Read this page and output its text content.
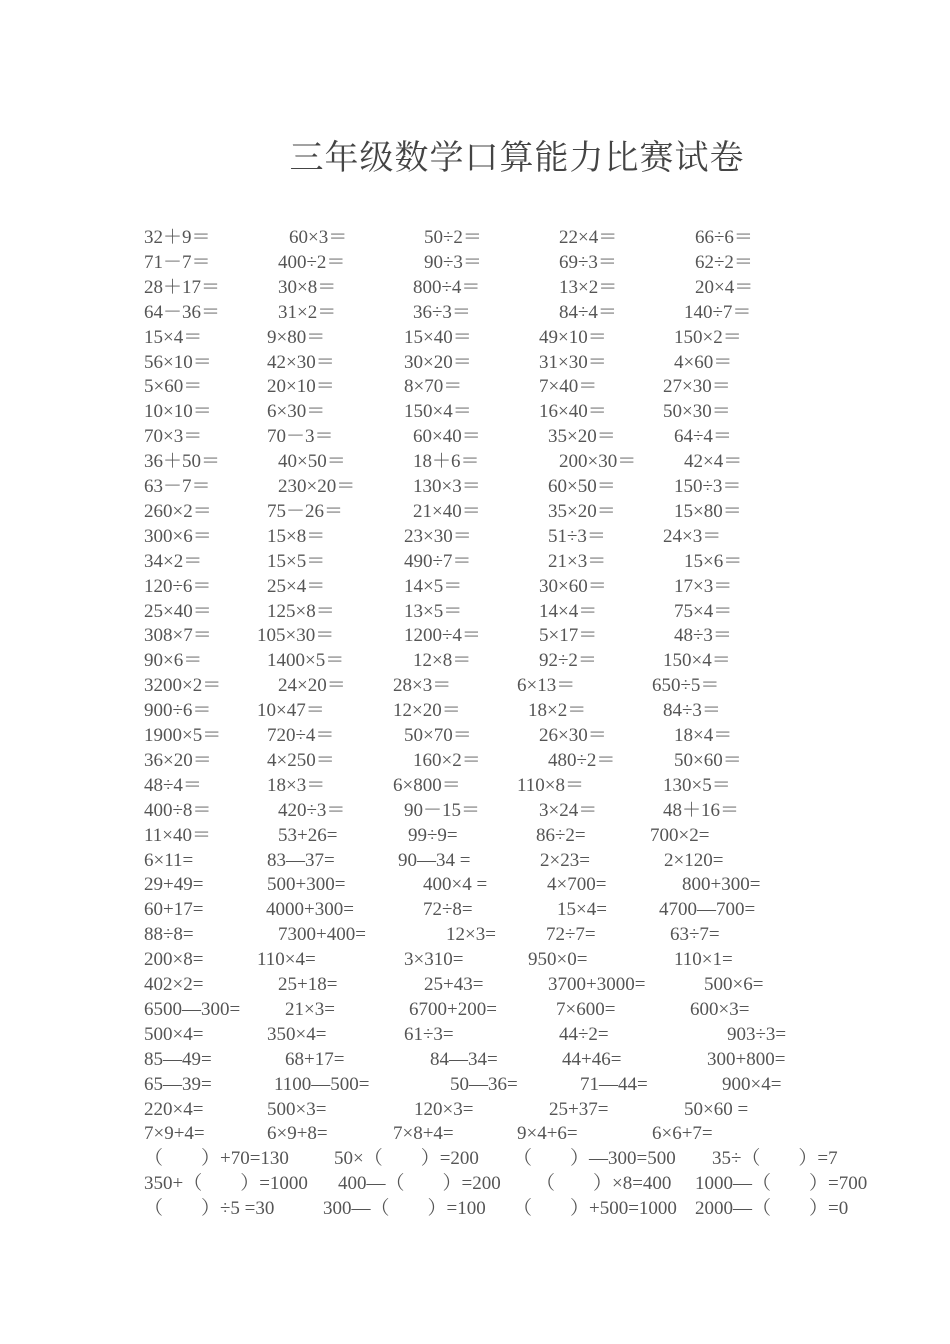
三年级数学口算能力比赛试卷
32＋9＝	60×3＝	50÷2＝	22×4＝	66÷6＝
71－7＝	400÷2＝	90÷3＝	69÷3＝	62÷2＝
28＋17＝	30×8＝	800÷4＝	13×2＝	20×4＝
64－36＝	31×2＝	36÷3＝	84÷4＝	140÷7＝
15×4＝	9×80＝	15×40＝	49×10＝	150×2＝
56×10＝	42×30＝	30×20＝	31×30＝	4×60＝
5×60＝	20×10＝	8×70＝	7×40＝	27×30＝
10×10＝	6×30＝	150×4＝	16×40＝	50×30＝
70×3＝	70－3＝	60×40＝	35×20＝	64÷4＝
36＋50＝	40×50＝	18＋6＝	200×30＝	42×4＝
63－7＝	230×20＝	130×3＝	60×50＝	150÷3＝
260×2＝	75－26＝	21×40＝	35×20＝	15×80＝
300×6＝	15×8＝	23×30＝	51÷3＝	24×3＝
34×2＝	15×5＝	490÷7＝	21×3＝	15×6＝
120÷6＝	25×4＝	14×5＝	30×60＝	17×3＝
25×40＝	125×8＝	13×5＝	14×4＝	75×4＝
308×7＝ 105×30＝	1200÷4＝	5×17＝	48÷3＝
90×6＝	1400×5＝	12×8＝	92÷2＝	150×4＝
3200×2＝	24×20＝ 28×3＝	6×13＝	650÷5＝
900÷6＝ 10×47＝	12×20＝	18×2＝	84÷3＝
1900×5＝ 720÷4＝	50×70＝	26×30＝	18×4＝
36×20＝	4×250＝	160×2＝	480÷2＝	50×60＝
48÷4＝	18×3＝	6×800＝	110×8＝	130×5＝
400÷8＝	420÷3＝	90－15＝	3×24＝	48＋16＝
11×40＝	53+26=	99÷9=	86÷2=	700×2=
6×11=	83—37=	90—34 =	2×23=	2×120=
29+49=	500+300=	400×4 =	4×700=	800+300=
60+17=	4000+300=	72÷8=	15×4=	4700—700=
88÷8=	7300+400=	12×3=	72÷7=	63÷7=
200×8=	110×4=	3×310=	950×0=	110×1=
402×2=	25+18=	25+43=	3700+3000=	500×6=
6500—300= 21×3=	6700+200=	7×600=	600×3=
500×4=	350×4=	61÷3=	44÷2=	903÷3=
85—49=	68+17=	84—34=	44+46=	300+800=
65—39=	1100—500=	50—36=	71—44=	900×4=
220×4=	500×3=	120×3=	25+37=	50×60 =
7×9+4=	6×9+8=	7×8+4=	9×4+6=	6×6+7=
（　　）+70=130 50×（　　）=200 （　　）—300=500 35÷（　　）=7
350+（　　）=1000 400—（　　）=200 （　　）×8=400 1000—（　　）=700
（　　）÷5 =30	300—（　　）=100 （　　）+500=1000 2000—（　　）=0
